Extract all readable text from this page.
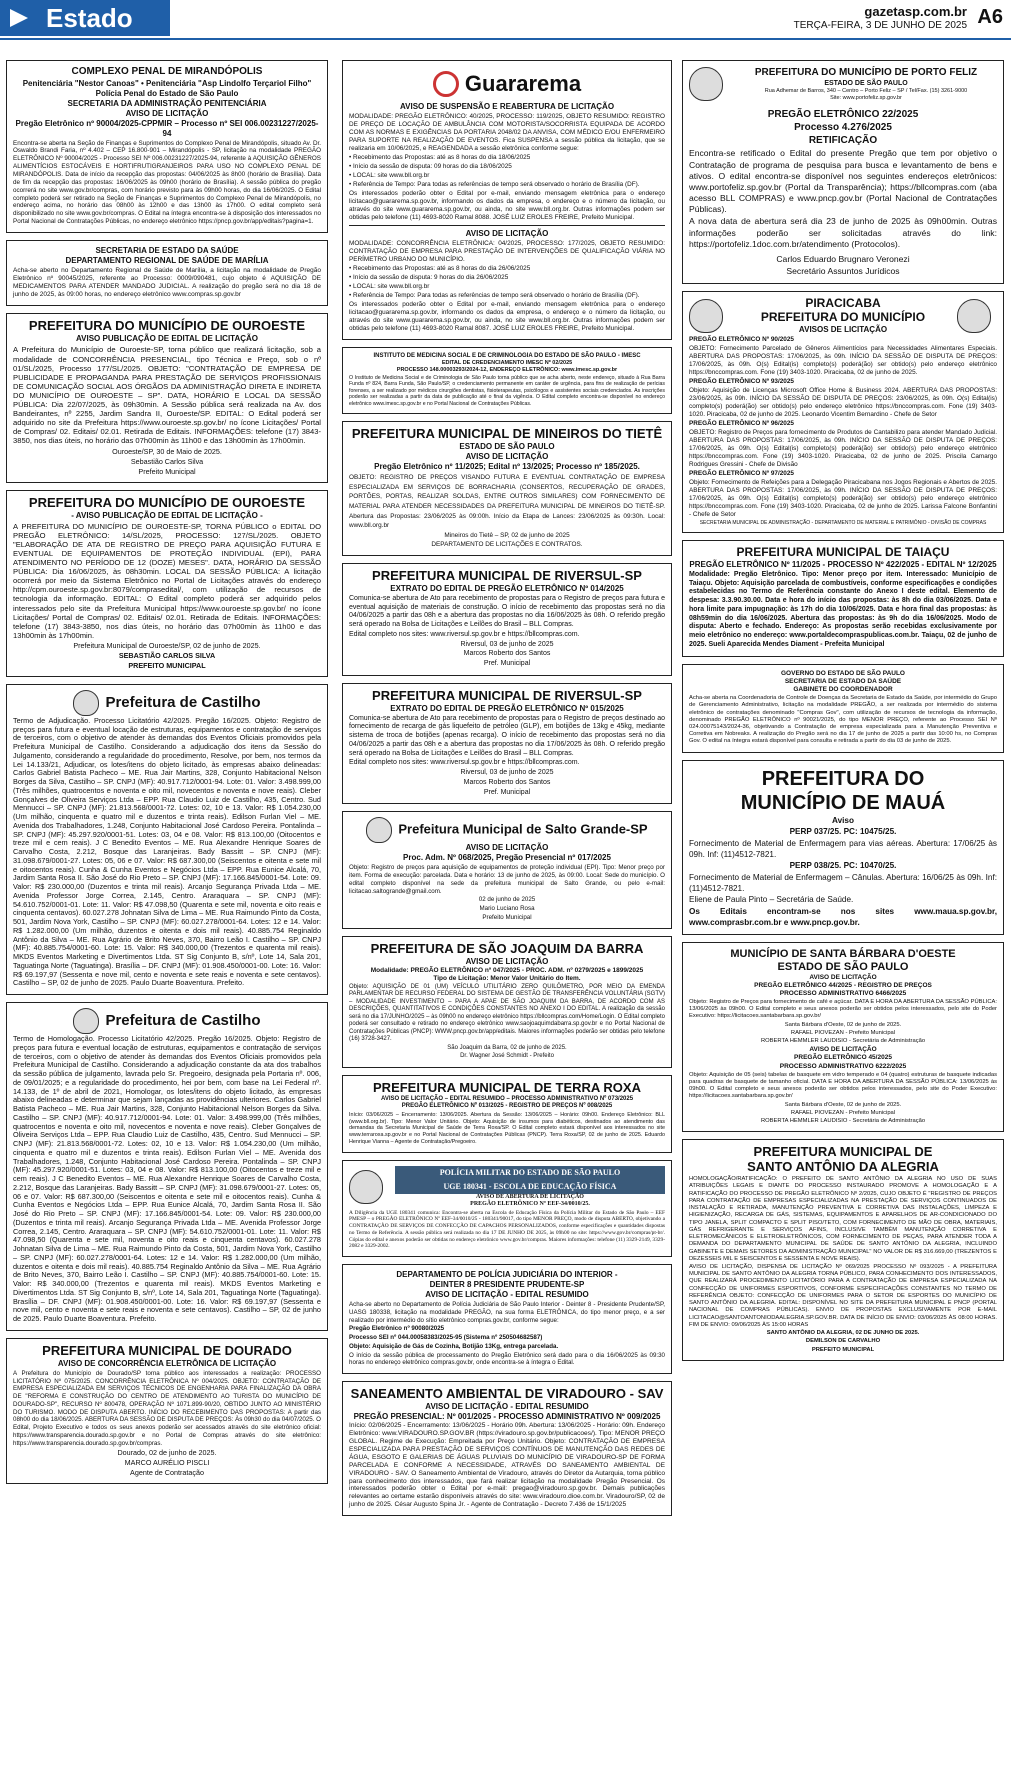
Estado	gazetasp.com.br
TERÇA-FEIRA, 3 DE JUNHO DE 2025 A6
COMPLEXO PENAL DE MIRANDÓPOLIS
Penitenciária "Nestor Canoas" • Penitenciária "Asp Lindolfo Terçariol Filho"
Polícia Penal do Estado de São Paulo
SECRETARIA DA ADMINISTRAÇÃO PENITENCIÁRIA
AVISO DE LICITAÇÃO
Pregão Eletrônico nº 90004/2025-CPPMIR – Processo nº SEI 006.00231227/2025-94

Encontra-se aberta na Seção de Finanças e Suprimentos do Complexo Penal de Mirandópolis, situado Av. Dr. Oswaldo Brandi Faria, nº 4.402 – CEP 16.800-901 – Mirandópolis - SP, licitação na modalidade PREGÃO ELETRÔNICO Nº 90004/2025 - Processo SEI Nº 006.00231227/2025-94, referente à AQUISIÇÃO GÊNEROS ALIMENTÍCIOS ESTOCÁVEIS E HORTIFRUTIGRANJEIROS PARA USO NO COMPLEXO PENAL DE MIRANDÓPOLIS. Data de início da recepção das propostas: 04/06/2025 às 8h00 (horário de Brasília). Data de fim da recepção das propostas: 16/06/2025 às 09h00 (horário de Brasília). A sessão pública do pregão ocorrerá no site www.gov.br/compras, com horário previsto para às 09h00 horas, do dia 16/06/2025. O Edital completo poderá ser retirado na Seção de Finanças e Suprimentos do Complexo Penal de Mirandópolis, no endereço acima, no horário das 08h00 às 12h00 e das 13h00 às 17h00. O edital completo será disponibilizado no site www.gov.br/compras. O Edital na íntegra encontra-se à disposição dos interessados no Portal Nacional de Contratações Públicas, no endereço eletrônico https://pncp.gov.br/app/editais?pagina=1.

SECRETARIA DE ESTADO DA SAÚDE
DEPARTAMENTO REGIONAL DE SAÚDE DE MARÍLIA

Acha-se aberto no Departamento Regional de Saúde de Marília, a licitação na modalidade de Pregão Eletrônico nº 90045/2025, referente ao Processo: 0009/090481, cujo objeto é AQUISIÇÃO DE MEDICAMENTOS PARA ATENDER MANDADO JUDICIAL. A realização do pregão será no dia 18 de junho de 2025, às 09:00 horas, no endereço eletrônico www.compras.sp.gov.br

PREFEITURA DO MUNICÍPIO DE OUROESTE
AVISO PUBLICAÇÃO DE EDITAL DE LICITAÇÃO

A Prefeitura do Município de Ouroeste-SP, torna público que realizará licitação, sob a modalidade de CONCORRÊNCIA PRESENCIAL, tipo Técnica e Preço, sob o nº 01/SL/2025, Processo 177/SL/2025. OBJETO: "CONTRATAÇÃO DE EMPRESA DE PUBLICIDADE E PROPAGANDA PARA PRESTAÇÃO DE SERVIÇOS PROFISSIONAIS DE COMUNICAÇÃO SOCIAL AOS ÓRGÃOS DA ADMINISTRAÇÃO DIRETA E INDIRETA DO MUNICÍPIO DE OUROESTE – SP". DATA, HORÁRIO E LOCAL DA SESSÃO PÚBLICA: Dia 22/07/2025, às 09h30min. A Sessão pública será realizada na Av. dos Bandeirantes, nº 2255, Jardim Sandra II, Ouroeste/SP. EDITAL: O Edital poderá ser adquirido no site da Prefeitura https://www.ouroeste.sp.gov.br/ no ícone Licitações/ Portal de Compras/ 02. Editais/ 02.01. Retirada de Editais. INFORMAÇÕES: telefone (17) 3843-3850, nos dias úteis, no horário das 07h00min às 11h00 e das 13h00min às 17h00min.

Ouroeste/SP, 30 de Maio de 2025.

Sebastião Carlos Silva

Prefeito Municipal

PREFEITURA DO MUNICÍPIO DE OUROESTE
- AVISO PUBLICAÇÃO DE EDITAL DE LICITAÇÃO -

A PREFEITURA DO MUNICÍPIO DE OUROESTE-SP, TORNA PÚBLICO o EDITAL DO PREGÃO ELETRÔNICO: 14/SL/2025, PROCESSO: 127/SL/2025. OBJETO "ELABORAÇÃO DE ATA DE REGISTRO DE PREÇO PARA AQUISIÇÃO FUTURA E EVENTUAL DE EQUIPAMENTOS DE PROTEÇÃO INDIVIDUAL (EPI), PARA ATENDIMENTO NO PERÍODO DE 12 (DOZE) MESES". DATA, HORÁRIO DA SESSÃO PÚBLICA: Dia 16/06/2025, às 08h30min. LOCAL DA SESSÃO PÚBLICA: A licitação ocorrerá por meio da Sistema Eletrônico no Portal de Licitações através do endereço http://cpm.ouroeste.sp.gov.br:8079/comprasedital/, com utilização de recursos de tecnologia da informação. EDITAL: O Edital completo poderá ser adquirido pelos interessados pelo site da Prefeitura Municipal https://www.ouroeste.sp.gov.br/ no ícone Licitações/ Portal de Compras/ 02. Editais/ 02.01. Retirada de Editais. INFORMAÇÕES: telefone (17) 3843-3850, nos dias úteis, no horário das 07h00min às 11h00 e das 13h00min às 17h00min.

Prefeitura Municipal de Ouroeste/SP, 02 de junho de 2025.

SEBASTIÃO CARLOS SILVA

PREFEITO MUNICIPAL

Prefeitura de Castilho

Termo de Adjudicação. Processo Licitatório 42/2025. Pregão 16/2025. Objeto: Registro de preços para futura e eventual locação de estruturas, equipamentos e contratação de serviços de terceiros, com o objetivo de atender às demandas dos Eventos Oficiais promovidos pela Prefeitura Municipal de Castilho. Considerando a adjudicação dos itens da Sessão do Julgamento, considerando a regularidade do procedimento, Resolve, por bem, nos termos da Lei 14.133/21, Adjudicar, os lotes/itens do objeto licitado, às empresas abaixo delineadas: Carlos Gabriel Batista Pacheco – ME. Rua Jair Martins, 328, Conjunto Habitacional Nelson Borges da Silva, Castilho – SP. CNPJ (MF): 40.917.712/0001-94. Lote: 01. Valor: 3.498.999,00 (Três milhões, quatrocentos e noventa e oito mil, novecentos e noventa e nove reais). Cleber Gonçalves de Oliveira Serviços Ltda – EPP. Rua Claudio Luiz de Castilho, 435, Centro. Sud Mennucci – SP. CNPJ (MF): 21.813.568/0001-72. Lotes: 02, 10 e 13. Valor: R$ 1.054.230,00 (Um milhão, cinquenta e quatro mil e duzentos e trinta reais). Edilson Furlan Viel – ME. Avenida dos Trabalhadores, 1.248, Conjunto Habitacional José Cardoso Pereira. Pontalinda – SP. CNPJ (MF): 45.297.920/0001-51. Lotes: 03, 04 e 08. Valor: R$ 813.100,00 (Oitocentos e treze mil e cem reais). J C Benedito Eventos – ME. Rua Alexandre Henrique Soares de Carvalho Costa, 2.212, Bosque das Laranjeiras. Bady Bassitt – SP. CNPJ (MF): 31.098.679/0001-27. Lotes: 05, 06 e 07. Valor: R$ 687.300,00 (Seiscentos e oitenta e sete mil e oitocentos reais). Cunha & Cunha Eventos e Negócios Ltda – EPP. Rua Eunice Alcalá, 70, Jardim Santa Rosa II. São José do Rio Preto – SP. CNPJ (MF): 17.166.845/0001-54. Lote: 09. Valor: R$ 230.000,00 (Duzentos e trinta mil reais). Arcanjo Segurança Privada Ltda – ME. Avenida Professor Jorge Correa, 2.145, Centro. Araraquara – SP. CNPJ (MF): 54.610.752/0001-01. Lote: 11. Valor: R$ 47.098,50 (Quarenta e sete mil, noventa e oito reais e cinquenta centavos). 60.027.278 Johnatan Silva de Lima – ME. Rua Raimundo Pinto da Costa, 501, Jardim Nova York, Castilho – SP. CNPJ (MF): 60.027.278/0001-64. Lotes: 12 e 14. Valor: R$ 1.282.000,00 (Um milhão, duzentos e oitenta e dois mil reais). 40.885.754 Reginaldo Antônio da Silva – ME. Rua Agrário de Brito Neves, 370, Bairro Leão I. Castilho – SP. CNPJ (MF): 40.885.754/0001-60. Lote: 15. Valor: R$ 340.000,00 (Trezentos e quarenta mil reais). MKDS Eventos Marketing e Divertimentos Ltda. ST Sig Conjunto B, s/nº, Lote 14, Sala 201, Taguatinga Norte (Taguatinga). Brasília – DF. CNPJ (MF): 01.908.450/0001-00. Lote: 16. Valor: R$ 69.197,97 (Sessenta e nove mil, cento e noventa e sete reais e noventa e sete centavos). Castilho – SP, 02 de junho de 2025. Paulo Duarte Boaventura. Prefeito.

Prefeitura de Castilho

Termo de Homologação. Processo Licitatório 42/2025. Pregão 16/2025. Objeto: Registro de preços para futura e eventual locação de estruturas, equipamentos e contratação de serviços de terceiros, com o objetivo de atender às demandas dos Eventos Oficiais promovidos pela Prefeitura Municipal de Castilho. Considerando a adjudicação constante da ata dos trabalhos da sessão pública de julgamento, lavrada pelo Sr. Pregoeiro, designada pela Portaria nº. 006, de 09/01/2025; e a regularidade do procedimento, hei por bem, com base na Lei Federal nº. 14.133, de 1º de abril de 2021, Homologar, os lotes/itens do objeto licitado, às empresas abaixo delineadas e determinar que sejam lançadas as providências ulteriores. Carlos Gabriel Batista Pacheco – ME. Rua Jair Martins, 328, Conjunto Habitacional Nelson Borges da Silva. Castilho – SP. CNPJ (MF): 40.917.712/0001-94. Lote: 01. Valor: 3.498.999,00 (Três milhões, quatrocentos e noventa e oito mil, novecentos e noventa e nove reais). Cleber Gonçalves de Oliveira Serviços Ltda – EPP. Rua Claudio Luiz de Castilho, 435, Centro. Sud Mennucci – SP. CNPJ (MF): 21.813.568/0001-72. Lotes: 02, 10 e 13. Valor: R$ 1.054.230,00 (Um milhão, cinquenta e quatro mil e duzentos e trinta reais). Edilson Furlan Viel – ME. Avenida dos Trabalhadores, 1.248, Conjunto Habitacional José Cardoso Pereira. Pontalinda – SP. CNPJ (MF): 45.297.920/0001-51. Lotes: 03, 04 e 08. Valor: R$ 813.100,00 (Oitocentos e treze mil e cem reais). J C Benedito Eventos – ME. Rua Alexandre Henrique Soares de Carvalho Costa, 2.212, Bosque das Laranjeiras. Bady Bassitt – SP. CNPJ (MF): 31.098.679/0001-27. Lotes: 05, 06 e 07. Valor: R$ 687.300,00 (Seiscentos e oitenta e sete mil e oitocentos reais). Cunha & Cunha Eventos e Negócios Ltda – EPP. Rua Eunice Alcalá, 70, Jardim Santa Rosa II. São José do Rio Preto – SP. CNPJ (MF): 17.166.845/0001-54. Lote: 09. Valor: R$ 230.000,00 (Duzentos e trinta mil reais). Arcanjo Segurança Privada Ltda – ME. Avenida Professor Jorge Correa, 2.145, Centro. Araraquara – SP. CNPJ (MF): 54.610.752/0001-01. Lote: 11. Valor: R$ 47.098,50 (Quarenta e sete mil, noventa e oito reais e cinquenta centavos). 60.027.278 Johnatan Silva de Lima – ME. Rua Raimundo Pinto da Costa, 501, Jardim Nova York, Castilho – SP. CNPJ (MF): 60.027.278/0001-64. Lotes: 12 e 14. Valor: R$ 1.282.000,00 (Um milhão, duzentos e oitenta e dois mil reais). 40.885.754 Reginaldo Antônio da Silva – ME. Rua Agrário de Brito Neves, 370, Bairro Leão I. Castilho – SP. CNPJ (MF): 40.885.754/0001-60. Lote: 15. Valor: R$ 340.000,00 (Trezentos e quarenta mil reais). MKDS Eventos Marketing e Divertimentos Ltda. ST Sig Conjunto B, s/nº, Lote 14, Sala 201, Taguatinga Norte (Taguatinga). Brasília – DF. CNPJ (MF): 01.908.450/0001-00. Lote: 16. Valor: R$ 69.197,97 (Sessenta e nove mil, cento e noventa e sete reais e noventa e sete centavos). Castilho – SP, 02 de junho de 2025. Paulo Duarte Boaventura. Prefeito.

PREFEITURA MUNICIPAL DE DOURADO
AVISO DE CONCORRÊNCIA ELETRÔNICA DE LICITAÇÃO

A Prefeitura do Município de Dourado/SP torna público aos interessados a realização: PROCESSO LICITATÓRIO Nº 075/2025. CONCORRÊNCIA ELETRÔNICA Nº 004/2025. OBJETO: CONTRATAÇÃO DE EMPRESA ESPECIALIZADA EM SERVIÇOS TÉCNICOS DE ENGENHARIA PARA FINALIZAÇÃO DA OBRA DE "REFORMA E CONSTRUÇÃO DO CENTRO DE ATENDIMENTO AO TURISTA DO MUNICÍPIO DE DOURADO-SP", RECURSO Nº 800478, OPERAÇÃO Nº 1071.899-90/20, OBTIDO JUNTO AO MINISTÉRIO DO TURISMO. MODO DE DISPUTA ABERTO. INÍCIO DO RECEBIMENTO DAS PROPOSTAS: A partir das 08h00 do dia 18/06/2025. ABERTURA DA SESSÃO DE DISPUTA DE PREÇOS: Às 09h30 do dia 04/07/2025. O Edital, Projeto Executivo e todos os seus anexos poderão ser acessados através do site eletrônico oficial: https://www.transparencia.dourado.sp.gov.br e no Portal de Compras através do site eletrônico: https://www.transparencia.dourado.sp.gov.br/compras.

Dourado, 02 de junho de 2025.

MARCO AURÉLIO PISCLI

Agente de Contratação

Guararema
AVISO DE SUSPENSÃO E REABERTURA DE LICITAÇÃO

MODALIDADE: PREGÃO ELETRÔNICO: 40/2025, PROCESSO: 119/2025, OBJETO RESUMIDO: REGISTRO DE PREÇO DE LOCAÇÃO DE AMBULÂNCIA COM MOTORISTA/SOCORRISTA EQUIPADA DE ACORDO COM AS NORMAS E EXIGÊNCIAS DA PORTARIA 2048/02 DA ANVISA, COM MÉDICO E/OU ENFERMEIRO PARA SUPORTE NA REALIZAÇÃO DE EVENTOS. Fica SUSPENSA a sessão pública da licitação, que se realizaria em 10/06/2025, e REAGENDADA a sessão eletrônica conforme segue:

• Recebimento das Propostas: até as 8 horas do dia 18/06/2025

• Início da sessão de disputa: 09 horas do dia 18/06/2025

• LOCAL: site www.bll.org.br

• Referência de Tempo: Para todas as referências de tempo será observado o horário de Brasília (DF).

Os interessados poderão obter o Edital por e-mail, enviando mensagem eletrônica para o endereço licitacao@guararema.sp.gov.br, informando os dados da empresa, o endereço e o número da licitação, ou através do site www.guararema.sp.gov.br, ou ainda, no site www.bll.org.br. Outras informações podem ser obtidas pelo telefone (11) 4693-8020 Ramal 8088. JOSÉ LUIZ EROLES FREIRE, Prefeito Municipal.

AVISO DE LICITAÇÃO

MODALIDADE: CONCORRÊNCIA ELETRÔNICA: 04/2025, PROCESSO: 177/2025, OBJETO RESUMIDO: CONTRATAÇÃO DE EMPRESA PARA PRESTAÇÃO DE INTERVENÇÕES DE QUALIFICAÇÃO VIÁRIA NO PERÍMETRO URBANO DO MUNICÍPIO.

• Recebimento das Propostas: até as 8 horas do dia 26/06/2025

• Início da sessão de disputa: 9 horas do dia 26/06/2025

• LOCAL: site www.bll.org.br

• Referência de Tempo: Para todas as referências de tempo será observado o horário de Brasília (DF).

Os interessados poderão obter o Edital por e-mail, enviando mensagem eletrônica para o endereço licitacao@guararema.sp.gov.br, informando os dados da empresa, o endereço e o número da licitação, ou através do site www.guararema.sp.gov.br, ou ainda, no site www.bll.org.br. Outras informações podem ser obtidas pelo telefone (11) 4693-8020 Ramal 8087. JOSÉ LUIZ EROLES FREIRE, Prefeito Municipal.

INSTITUTO DE MEDICINA SOCIAL E DE CRIMINOLOGIA DO ESTADO DE SÃO PAULO - IMESC
EDITAL DE CREDENCIAMENTO IMESC Nº 02/2025
PROCESSO 148.00003293/2024-12, ENDEREÇO ELETRÔNICO: www.imesc.sp.gov.br

O Instituto de Medicina Social e de Criminologia de São Paulo torna público que se acha aberto, neste endereço, situado à Rua Barra Funda nº 824, Barra Funda, São Paulo/SP, o credenciamento permanente em caráter de urgência, para fins de realização de perícias forenses, a ser realizado por médicos cirurgiões dentistas, fisioterapeutas, psicólogos e assistentes sociais credenciados. As inscrições poderão ser realizadas a partir da data de publicação até o final da vigência. O Edital completo encontra-se disponível no endereço eletrônico www.imesc.sp.gov.br e no Portal Nacional de Contratações Públicas.

PREFEITURA MUNICIPAL DE MINEIROS DO TIETÊ
ESTADO DE SÃO PAULO
AVISO DE LICITAÇÃO
Pregão Eletrônico nº 11/2025; Edital nº 13/2025; Processo nº 185/2025.

OBJETO: REGISTRO DE PREÇOS VISANDO FUTURA E EVENTUAL CONTRATAÇÃO DE EMPRESA ESPECIALIZADA EM SERVIÇOS DE BORRACHARIA (CONSERTOS, RECUPERAÇÃO DE GRADES, PORTÕES, PORTAS, REALIZAR SOLDAS, ENTRE OUTROS SIMILARES) COM FORNECIMENTO DE MATERIAL PARA ATENDER NECESSIDADES DA PREFEITURA MUNICIPAL DE MINEIROS DO TIETÊ-SP. Abertura das Propostas: 23/06/2025 às 09:00h. Início da Etapa de Lances: 23/06/2025 às 09:30h. Local: www.bll.org.br

Mineiros do Tietê – SP, 02 de junho de 2025

DEPARTAMENTO DE LICITAÇÕES E CONTRATOS.

PREFEITURA MUNICIPAL DE RIVERSUL-SP
EXTRATO DO EDITAL DE PREGÃO ELETRÔNICO Nº 014/2025

Comunica-se abertura de Ato para recebimento de propostas para o Registro de preços para futura e eventual aquisição de materiais de construção. O início de recebimento das propostas será no dia 04/06/2025 a partir das 08h e a abertura das propostas no dia 16/06/2025 às 08h. O referido pregão será operado na Bolsa de Licitações e Leilões do Brasil – BLL Compras.

Edital completo nos sites: www.riversul.sp.gov.br e https://bllcompras.com.

Riversul, 03 de junho de 2025

Marcos Roberto dos Santos

Pref. Municipal

PREFEITURA MUNICIPAL DE RIVERSUL-SP
EXTRATO DO EDITAL DE PREGÃO ELETRÔNICO Nº 015/2025

Comunica-se abertura de Ato para recebimento de propostas para o Registro de preços destinado ao fornecimento de recarga de gás liquefeito de petróleo (GLP), em botijões de 13kg e 45kg, mediante sistema de troca de botijões (apenas recarga). O início de recebimento das propostas será no dia 04/06/2025 a partir das 08h e a abertura das propostas no dia 17/06/2025 às 08h. O referido pregão será operado na Bolsa de Licitações e Leilões do Brasil – BLL Compras.

Edital completo nos sites: www.riversul.sp.gov.br e https://bllcompras.com.

Riversul, 03 de junho de 2025

Marcos Roberto dos Santos

Pref. Municipal

Prefeitura Municipal de Salto Grande-SP
AVISO DE LICITAÇÃO
Proc. Adm. Nº 068/2025, Pregão Presencial nº 017/2025

Objeto: Registro de preços para aquisição de equipamentos de proteção individual (EPI). Tipo: Menor preço por item. Forma de execução: parcelada. Data e horário: 13 de junho de 2025, às 09:00. Local: Sede do município. O edital completo disponível na sede da prefeitura municipal de Salto Grande, ou pelo e-mail: licitacao.saltogrande@gmail.com.

02 de junho de 2025

Mario Luciano Rosa

Prefeito Municipal

PREFEITURA DE SÃO JOAQUIM DA BARRA
AVISO DE LICITAÇÃO
Modalidade: PREGÃO ELETRÔNICO nº 047/2025 - PROC. ADM. nº 0279/2025 e 1899/2025
Tipo de Licitação: Menor Valor Unitário do Item.

Objeto: AQUISIÇÃO DE 01 (UM) VEÍCULO UTILITÁRIO ZERO QUILÔMETRO, POR MEIO DA EMENDA PARLAMENTAR DE RECURSO FEDERAL DO SISTEMA DE GESTÃO DE TRANSFERÊNCIA VOLUNTÁRIA (SGTV) – MODALIDADE INVESTIMENTO – PARA A APAE DE SÃO JOAQUIM DA BARRA, DE ACORDO COM AS DESCRIÇÕES, QUANTITATIVOS E CONDIÇÕES CONSTANTES NO ANEXO I DO EDITAL. A realização da sessão será no dia 17/JUNHO/2025 – às 09h00 no endereço eletrônico https://bllcompras.com/Home/Login. O Edital completo poderá ser consultado e retirado no endereço eletrônico www.saojoaquimdabarra.sp.gov.br e no Portal Nacional de Contratações Públicas (PNCP): WWW.pncp.gov.br/app/editais. Maiores informações poderão ser obtidas pelo telefone (16) 3728-3427.

São Joaquim da Barra, 02 de junho de 2025.

Dr. Wagner José Schmidt - Prefeito

PREFEITURA MUNICIPAL DE TERRA ROXA
AVISO DE LICITAÇÃO – EDITAL RESUMIDO – PROCESSO ADMINISTRATIVO Nº 073/2025
PREGÃO ELETRÔNICO Nº 013/2025 - REGISTRO DE PREÇOS Nº 008/2025

Início: 03/06/2025 – Encerramento: 13/06/2025. Abertura da Sessão: 13/06/2025 – Horário: 09h00. Endereço Eletrônico: BLL (www.bll.org.br). Tipo: Menor Valor Unitário. Objeto: Aquisição de insumos para diabéticos, destinados ao atendimento das demandas da Secretaria Municipal de Saúde de Terra Roxa/SP. O Edital completo estará disponível aos interessados no site www.terraroxa.sp.gov.br e no Portal Nacional de Contratações Públicas (PNCP). Terra Roxa/SP, 02 de junho de 2025. Eduardo Henrique Vianna – Agente de Contratação/Pregoeiro.

POLÍCIA MILITAR DO ESTADO DE SÃO PAULO
UGE 180341 - ESCOLA DE EDUCAÇÃO FÍSICA
AVISO DE ABERTURA DE LICITAÇÃO
PREGÃO ELETRÔNICO Nº EEF-34/0010/25.

A Diligência da UGE 180341 comunica: Encontra-se aberta na Escola de Educação Física da Polícia Militar do Estado de São Paulo – EEF PMESP – o PREGÃO ELETRÔNICO Nº EEF-34/0010/25 - 180341/90017, do tipo MENOR PREÇO, modo de disputa ABERTO, objetivando a CONTRATAÇÃO DE SERVIÇOS DE CONFECÇÃO DE CAPACHOS PERSONALIZADOS, conforme especificações e quantidades dispostas no Termo de Referência. A sessão pública será realizada no dia 17 DE JUNHO DE 2025, às 09h00 no site: https://www.gov.br/compras/pt-br/. Cópias do edital e anexos poderão ser obtidas no endereço eletrônico www.gov.br/compras. Maiores informações: telefone (11) 3329-2149, 3329-2082 e 3329-2002.

DEPARTAMENTO DE POLÍCIA JUDICIÁRIA DO INTERIOR -
DEINTER 8 PRESIDENTE PRUDENTE-SP
AVISO DE LICITAÇÃO - EDITAL RESUMIDO

Acha-se aberto no Departamento de Polícia Judiciária de São Paulo Interior - Deinter 8 - Presidente Prudente/SP, UASG 180338, licitação na modalidade PREGÃO, na sua forma ELETRÔNICA, do tipo menor preço, e a ser realizado por intermédio do sítio eletrônico compras.gov.br, conforme segue:

Pregão Eletrônico nº 90080/2025

Processo SEI nº 044.00058383/2025-95 (Sistema nº 250504682587)

Objeto: Aquisição de Gás de Cozinha, Botijão 13Kg, entrega parcelada.

O início da sessão pública de processamento do Pregão Eletrônico será dado para o dia 16/06/2025 às 09:30 horas no endereço eletrônico compras.gov.br, onde encontra-se à íntegra o Edital.

SANEAMENTO AMBIENTAL DE VIRADOURO - SAV
AVISO DE LICITAÇÃO - EDITAL RESUMIDO
PREGÃO PRESENCIAL: Nº 001/2025 - PROCESSO ADMINISTRATIVO Nº 009/2025

Início: 02/06/2025 - Encerramento: 13/06/2025 - Horário 09h. Abertura: 13/06/2025 - Horário: 09h. Endereço Eletrônico: www.VIRADOURO.SP.GOV.BR (https://viradouro.sp.gov.br/publicacoes/). Tipo: MENOR PREÇO GLOBAL. Regime de Execução: Empreitada por Preço Unitário. Objeto: CONTRATAÇÃO DE EMPRESA ESPECIALIZADA PARA PRESTAÇÃO DE SERVIÇOS CONTÍNUOS DE MANUTENÇÃO DAS REDES DE ÁGUA, ESGOTO E GALERIAS DE ÁGUAS PLUVIAIS DO MUNICÍPIO DE VIRADOURO-SP DE FORMA PARCELADA E CONFORME A NECESSIDADE, ATRAVÉS DO SANEAMENTO AMBIENTAL DE VIRADOURO - SAV. O Saneamento Ambiental de Viradouro, através do Diretor da Autarquia, torna público para conhecimento dos interessados, que fará realizar licitação na modalidade Pregão Presencial. Os interessados poderão obter o Edital por e-mail: pregao@viradouro.sp.gov.br. Demais publicações relevantes ao certame estarão disponíveis através do site: www.viradouro.dioe.com.br. Viradouro/SP, 02 de junho de 2025. César Augusto Spina Jr. - Agente de Contratação - Decreto 7.436 de 15/1/2025

PREFEITURA DO MUNICÍPIO DE PORTO FELIZ
ESTADO DE SÃO PAULO
Rua Adhemar de Barros, 340 – Centro – Porto Feliz – SP / Tel/Fax. (15) 3261-9000
Site: www.portofeliz.sp.gov.br
PREGÃO ELETRÔNICO 22/2025
Processo 4.276/2025
RETIFICAÇÃO

Encontra-se retificado o Edital do presente Pregão que tem por objetivo o Contratação de programa de pesquisa para busca e levantamento de bens e ativos. O edital encontra-se disponível nos seguintes endereços eletrônicos: www.portofeliz.sp.gov.br (Portal da Transparência); https://bllcompras.com (aba acesso BLL COMPRAS) e www.pncp.gov.br (Portal Nacional de Contratações Públicas).

A nova data de abertura será dia 23 de junho de 2025 às 09h00min. Outras informações poderão ser solicitadas através do link: https://portofeliz.1doc.com.br/atendimento (Protocolos).

Carlos Eduardo Brugnaro Veronezi

Secretário Assuntos Jurídicos

PIRACICABA
PREFEITURA DO MUNICÍPIO
AVISOS DE LICITAÇÃO

PREGÃO ELETRÔNICO Nº 90/2025

OBJETO: Fornecimento Parcelado de Gêneros Alimentícios para Necessidades Alimentares Especiais. ABERTURA DAS PROPOSTAS: 17/06/2025, às 09h. INÍCIO DA SESSÃO DE DISPUTA DE PREÇOS: 17/06/2025, às 09h. O(s) Edital(is) completo(s) poderá(ão) ser obtido(s) pelo endereço eletrônico https://bnccompras.com. Fone (19) 3403-1020. Piracicaba, 02 de junho de 2025.

PREGÃO ELETRÔNICO Nº 93/2025

Objeto: Aquisição de Licenças Microsoft Office Home & Business 2024. ABERTURA DAS PROPOSTAS: 23/06/2025, às 09h. INÍCIO DA SESSÃO DE DISPUTA DE PREÇOS: 23/06/2025, às 09h. O(s) Edital(is) completo(s) poderá(ão) ser obtido(s) pelo endereço eletrônico https://bnccompras.com. Fone (19) 3403-1020. Piracicaba, 02 de junho de 2025. Leonardo Vicentim Bernardino - Chefe de Setor

PREGÃO ELETRÔNICO Nº 96/2025

OBJETO: Registro de Preços para fornecimento de Produtos de Cantabilizo para atender Mandado Judicial. ABERTURA DAS PROPOSTAS: 17/06/2025, às 09h. INÍCIO DA SESSÃO DE DISPUTA DE PREÇOS: 17/06/2025, às 09h. O(s) Edital(is) completo(s) poderá(ão) ser obtido(s) pelo endereço eletrônico https://bnccompras.com. Fone (19) 3403-1020. Piracicaba, 02 de junho de 2025. Priscila Camargo Rodrigues Gressini - Chefe de Divisão

PREGÃO ELETRÔNICO Nº 97/2025

Objeto: Fornecimento de Refeições para a Delegação Piracicabana nos Jogos Regionais e Abertos de 2025. ABERTURA DAS PROPOSTAS: 17/06/2025, às 09h. INÍCIO DA SESSÃO DE DISPUTA DE PREÇOS: 17/06/2025, às 09h. O(s) Edital(is) completo(s) poderá(ão) ser obtido(s) pelo endereço eletrônico https://bnccompras.com. Fone (19) 3403-1020. Piracicaba, 02 de junho de 2025. Larissa Falcone Bonfantini - Chefe de Setor

SECRETARIA MUNICIPAL DE ADMINISTRAÇÃO - DEPARTAMENTO DE MATERIAL E PATRIMÔNIO - DIVISÃO DE COMPRAS

PREFEITURA MUNICIPAL DE TAIAÇU
PREGÃO ELETRÔNICO Nº 11/2025 - PROCESSO Nº 422/2025 - EDITAL Nº 12/2025

Modalidade: Pregão Eletrônico. Tipo: Menor preço por item. Interessado: Município de Taiaçu. Objeto: Aquisição parcelada de combustíveis, conforme especificações e condições estabelecidas no Termo de Referência constante do Anexo I deste edital. Elemento de despesa: 3.3.90.30.00. Data e hora do início das propostas: às 8h do dia 03/06/2025. Data e hora limite para impugnação: às 17h do dia 10/06/2025. Data e hora final das propostas: às 08h59min do dia 16/06/2025. Abertura das propostas: às 9h do dia 16/06/2025. Modo de disputa: Aberto e fechado. Endereço: As propostas serão recebidas exclusivamente por meio eletrônico no endereço: www.portaldecompraspublicas.com.br. Taiaçu, 02 de junho de 2025. Sueli Aparecida Mendes Diament - Prefeita Municipal

GOVERNO DO ESTADO DE SÃO PAULO
SECRETARIA DE ESTADO DA SAÚDE
GABINETE DO COORDENADOR

Acha-se aberta na Coordenadoria de Controle de Doenças da Secretaria de Estado da Saúde, por intermédio do Grupo de Gerenciamento Administrativo, licitação na modalidade PREGÃO, a ser realizada por intermédio do sistema eletrônico de contratações denominado "Compras Gov", com utilização de recursos de tecnologia da informação, denominado PREGÃO ELETRÔNICO nº 90021/2025, do tipo MENOR PREÇO, referente ao Processo SEI Nº 024.00075143/2024-36, objetivando a Contratação de empresa especializada para a Manutenção Preventiva e Corretiva em Nobreaks. A realização do Pregão será no dia 17 de junho de 2025 a partir das 10:00 hs, no Compras Gov. O edital na íntegra estará disponível para consulta e retirada a partir do dia 03 de junho de 2025.

PREFEITURA DO
MUNICÍPIO DE MAUÁ
Aviso

PERP 037/25. PC: 10475/25.

Fornecimento de Material de Enfermagem para vias aéreas. Abertura: 17/06/25 às 09h. Inf: (11)4512-7821.

PERP 038/25. PC: 10470/25.

Fornecimento de Material de Enfermagem – Cânulas. Abertura: 16/06/25 às 09h. Inf: (11)4512-7821.

Eliene de Paula Pinto – Secretária de Saúde.

Os Editais encontram-se nos sites www.maua.sp.gov.br, www.comprasbr.com.br e www.pncp.gov.br.

MUNICÍPIO DE SANTA BÁRBARA D'OESTE
ESTADO DE SÃO PAULO
AVISO DE LICITAÇÃO
PREGÃO ELETRÔNICO 44/2025 - REGISTRO DE PREÇOS
PROCESSO ADMINISTRATIVO 6466/2025

Objeto: Registro de Preços para fornecimento de café e açúcar. DATA E HORA DA ABERTURA DA SESSÃO PÚBLICA: 13/06/2025 às 09h00. O Edital completo e seus anexos poderão ser obtidos pelos interessados, pelo site do Poder Executivo: https://licitacoes.santabarbara.sp.gov.br/

Santa Bárbara d'Oeste, 02 de junho de 2025.

RAFAEL PIOVEZAN - Prefeito Municipal

ROBERTA HEMMLER LAUDISIO - Secretária de Administração

AVISO DE LICITAÇÃO
PREGÃO ELETRÔNICO 45/2025
PROCESSO ADMINISTRATIVO 6222/2025

Objeto: Aquisição de 05 (seis) tabelas de basquete em vidro temperado e 04 (quatro) estruturas de basquete indicadas para quadras de basquete de tamanho oficial. DATA E HORA DA ABERTURA DA SESSÃO PÚBLICA: 13/06/2025 às 09h00. O Edital completo e seus anexos poderão ser obtidos pelos interessados, pelo site do Poder Executivo: https://licitacoes.santabarbara.sp.gov.br/

Santa Bárbara d'Oeste, 02 de junho de 2025.

RAFAEL PIOVEZAN - Prefeito Municipal

ROBERTA HEMMLER LAUDISIO - Secretária de Administração

PREFEITURA MUNICIPAL DE
SANTO ANTÔNIO DA ALEGRIA

HOMOLOGAÇÃO/RATIFICAÇÃO: O PREFEITO DE SANTO ANTÔNIO DA ALEGRIA NO USO DE SUAS ATRIBUIÇÕES LEGAIS E DIANTE DO PROCESSO INSTAURADO PROMOVE A HOMOLOGAÇÃO E A RATIFICAÇÃO DO PROCESSO DE PREGÃO ELETRÔNICO Nº 2/2025, CUJO OBJETO É "REGISTRO DE PREÇOS PARA CONTRATAÇÃO DE EMPRESAS ESPECIALIZADAS NA PRESTAÇÃO DE SERVIÇOS CONTINUADOS DE INSTALAÇÃO E RETIRADA, MANUTENÇÃO PREVENTIVA E CORRETIVA DAS INSTALAÇÕES, LIMPEZA E HIGIENIZAÇÃO, RECARGA DE GÁS, SISTEMAS, EQUIPAMENTOS E APARELHOS DE AR-CONDICIONADO DO TIPO JANELA, SPLIT COMPACTO E SPLIT PISO/TETO, COM FORNECIMENTO DE MÃO DE OBRA, MATERIAIS, GÁS REFRIGERANTE E SERVIÇOS AFINS, INCLUSIVE TAMBÉM MANUTENÇÃO CORRETIVA E ELETROMECÂNICOS E ELETROELETRÔNICOS, COM FORNECIMENTO DE PEÇAS, PARA ATENDER TODA A DEMANDA DO DEPARTAMENTO MUNICIPAL DE SAÚDE DE SANTO ANTÔNIO DA ALEGRIA, INCLUINDO GABINETE E DEMAIS SETORES DA ADMINISTRAÇÃO MUNICIPAL" NO VALOR DE R$ 316.669,00 (TREZENTOS E DEZESSEIS MIL E SEISCENTOS E SESSENTA E NOVE REAIS).

AVISO DE LICITAÇÃO, DISPENSA DE LICITAÇÃO Nº 069/2025 PROCESSO Nº 093/2025 - A PREFEITURA MUNICIPAL DE SANTO ANTÔNIO DA ALEGRIA TORNA PÚBLICO, PARA CONHECIMENTO DOS INTERESSADOS, QUE REALIZARÁ PROCEDIMENTO LICITATÓRIO PARA A CONTRATAÇÃO DE EMPRESA ESPECIALIZADA NA CONFECÇÃO DE UNIFORMES ESPORTIVOS, CONFORME ESPECIFICAÇÕES CONSTANTES NO TERMO DE REFERÊNCIA OBJETO: CONFECÇÃO DE UNIFORMES PARA O SETOR DE ESPORTES DO MUNICÍPIO DE SANTO ANTÔNIO DA ALEGRIA. EDITAL: DISPONÍVEL NO SITE DA PREFEITURA MUNICIPAL E PNCP (PORTAL NACIONAL DE COMPRAS PÚBLICAS). ENVIO DE PROPOSTAS EXCLUSIVAMENTE POR E-MAIL LICITACAO@SANTOANTONIODAALEGRIA.SP.GOV.BR. DATA DE INÍCIO DE ENVIO: 03/06/2025 ÀS 08:00 HORAS. FIM DE ENVIO: 09/06/2025 ÀS 15:00 HORAS

SANTO ANTÔNIO DA ALEGRIA, 02 DE JUNHO DE 2025.

DEMILSON DE CARVALHO

PREFEITO MUNICIPAL
